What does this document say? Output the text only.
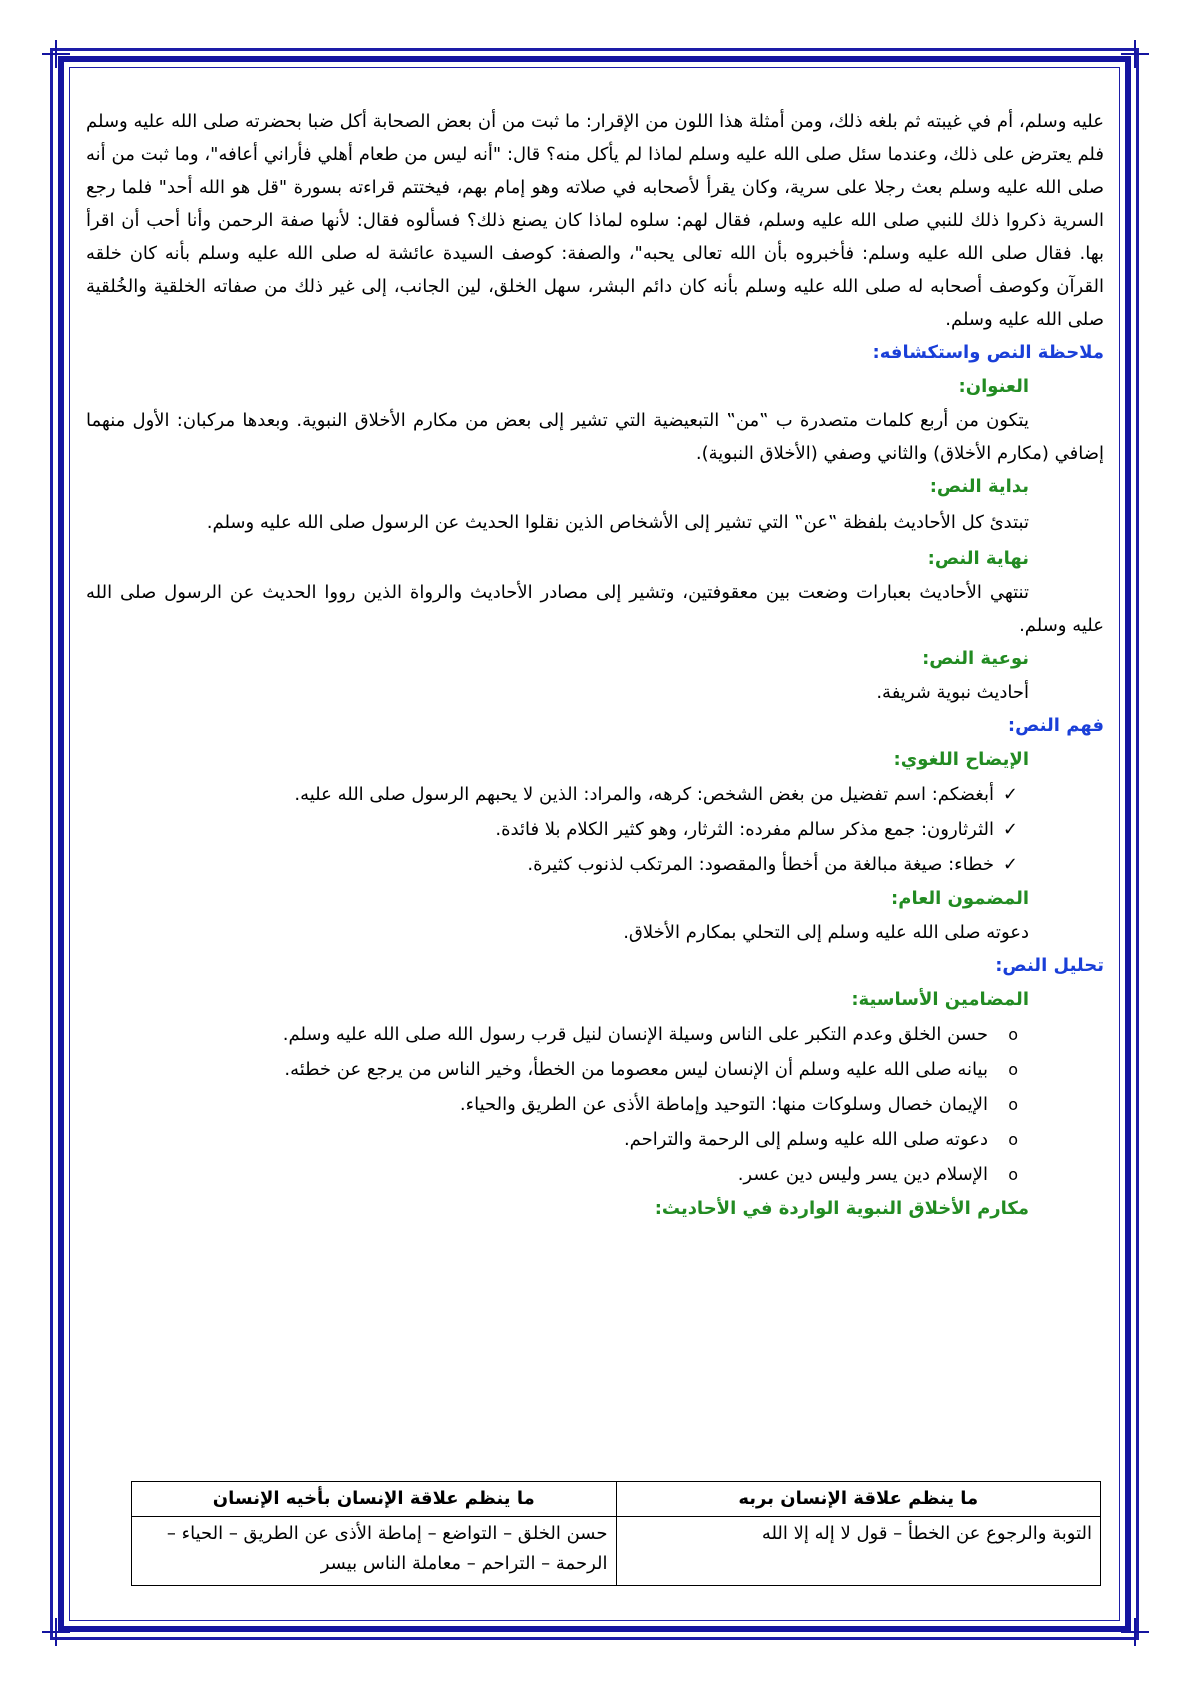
عليه وسلم، أم في غيبته ثم بلغه ذلك، ومن أمثلة هذا اللون من الإقرار: ما ثبت من أن بعض الصحابة أكل ضبا بحضرته صلى الله عليه وسلم فلم يعترض على ذلك، وعندما سئل صلى الله عليه وسلم لماذا لم يأكل منه؟ قال: "أنه ليس من طعام أهلي فأراني أعافه"، وما ثبت من أنه صلى الله عليه وسلم بعث رجلا على سرية، وكان يقرأ لأصحابه في صلاته وهو إمام بهم، فيختتم قراءته بسورة "قل هو الله أحد" فلما رجع السرية ذكروا ذلك للنبي صلى الله عليه وسلم، فقال لهم: سلوه لماذا كان يصنع ذلك؟ فسألوه فقال: لأنها صفة الرحمن وأنا أحب أن اقرأ بها. فقال صلى الله عليه وسلم: فأخبروه بأن الله تعالى يحبه"، والصفة: كوصف السيدة عائشة له صلى الله عليه وسلم بأنه كان خلقه القرآن وكوصف أصحابه له صلى الله عليه وسلم بأنه كان دائم البشر، سهل الخلق، لين الجانب، إلى غير ذلك من صفاته الخلقية والخُلقية صلى الله عليه وسلم.

ملاحظة النص واستكشافه:

العنوان:

يتكون من أربع كلمات متصدرة ب ‟من‟ التبعيضية التي تشير إلى بعض من مكارم الأخلاق النبوية. وبعدها مركبان: الأول منهما إضافي (مكارم الأخلاق) والثاني وصفي (الأخلاق النبوية).

بداية النص:

تبتدئ كل الأحاديث بلفظة ‟عن‟ التي تشير إلى الأشخاص الذين نقلوا الحديث عن الرسول صلى الله عليه وسلم.

نهاية النص:

تنتهي الأحاديث بعبارات وضعت بين معقوفتين، وتشير إلى مصادر الأحاديث والرواة الذين رووا الحديث عن الرسول صلى الله عليه وسلم.

نوعية النص:

أحاديث نبوية شريفة.

فهم النص:

الإيضاح اللغوي:

✓
أبغضكم: اسم تفضيل من بغض الشخص: كرهه، والمراد: الذين لا يحبهم الرسول صلى الله عليه.
✓
الثرثارون: جمع مذكر سالم مفرده: الثرثار، وهو كثير الكلام بلا فائدة.
✓
خطاء: صيغة مبالغة من أخطأ والمقصود: المرتكب لذنوب كثيرة.

المضمون العام:

دعوته صلى الله عليه وسلم إلى التحلي بمكارم الأخلاق.

تحليل النص:

المضامين الأساسية:

o
حسن الخلق وعدم التكبر على الناس وسيلة الإنسان لنيل قرب رسول الله صلى الله عليه وسلم.
o
بيانه صلى الله عليه وسلم أن الإنسان ليس معصوما من الخطأ، وخير الناس من يرجع عن خطئه.
o
الإيمان خصال وسلوكات منها: التوحيد وإماطة الأذى عن الطريق والحياء.
o
دعوته صلى الله عليه وسلم إلى الرحمة والتراحم.
o
الإسلام دين يسر وليس دين عسر.

مكارم الأخلاق النبوية الواردة في الأحاديث:

ما ينظم علاقة الإنسان بربه	ما ينظم علاقة الإنسان بأخيه الإنسان
التوبة والرجوع عن الخطأ – قول لا إله إلا الله	حسن الخلق – التواضع – إماطة الأذى عن الطريق – الحياء – الرحمة – التراحم – معاملة الناس بيسر
